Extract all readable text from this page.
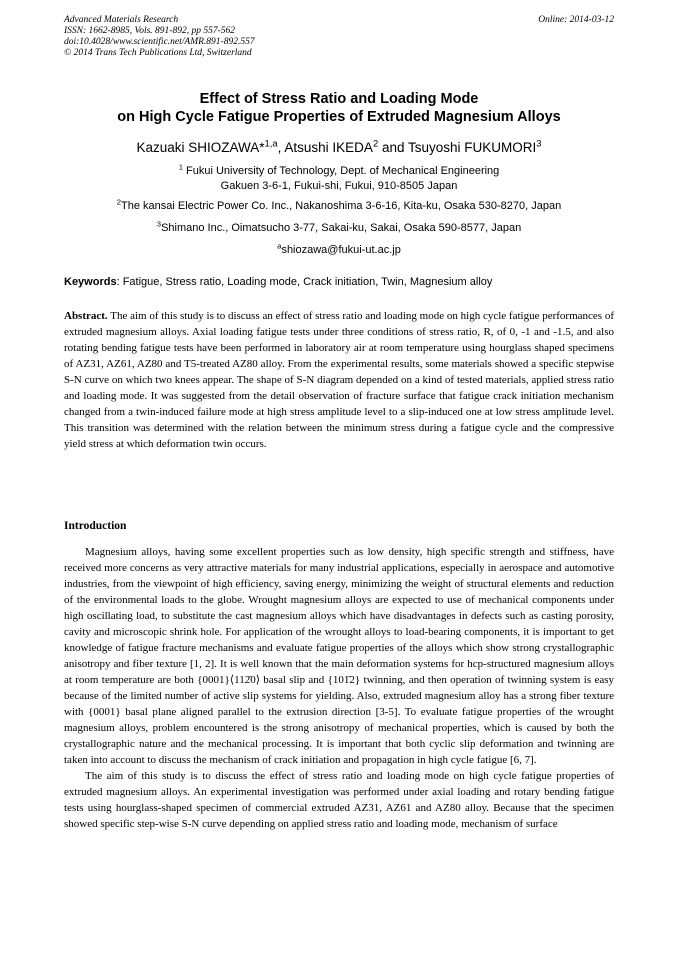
Advanced Materials Research
ISSN: 1662-8985, Vols. 891-892, pp 557-562
doi:10.4028/www.scientific.net/AMR.891-892.557
© 2014 Trans Tech Publications Ltd, Switzerland
Online: 2014-03-12
Effect of Stress Ratio and Loading Mode
on High Cycle Fatigue Properties of Extruded Magnesium Alloys
Kazuaki SHIOZAWA*$^{1,a}$, Atsushi IKEDA$^2$ and Tsuyoshi FUKUMORI$^3$
$^1$ Fukui University of Technology, Dept. of Mechanical Engineering
Gakuen 3-6-1, Fukui-shi, Fukui, 910-8505 Japan
$^2$The kansai Electric Power Co. Inc., Nakanoshima 3-6-16, Kita-ku, Osaka 530-8270, Japan
$^3$Shimano Inc., Oimatsucho 3-77, Sakai-ku, Sakai, Osaka 590-8577, Japan
$^a$shiozawa@fukui-ut.ac.jp
Keywords: Fatigue, Stress ratio, Loading mode, Crack initiation, Twin, Magnesium alloy

Abstract. The aim of this study is to discuss an effect of stress ratio and loading mode on high cycle fatigue performances of extruded magnesium alloys. Axial loading fatigue tests under three conditions of stress ratio, R, of 0, -1 and -1.5, and also rotating bending fatigue tests have been performed in laboratory air at room temperature using hourglass shaped specimens of AZ31, AZ61, AZ80 and T5-treated AZ80 alloy. From the experimental results, some materials showed a specific stepwise S-N curve on which two knees appear. The shape of S-N diagram depended on a kind of tested materials, applied stress ratio and loading mode. It was suggested from the detail observation of fracture surface that fatigue crack initiation mechanism changed from a twin-induced failure mode at high stress amplitude level to a slip-induced one at low stress amplitude level. This transition was determined with the relation between the minimum stress during a fatigue cycle and the compressive yield stress at which deformation twin occurs.

Introduction

Magnesium alloys, having some excellent properties such as low density, high specific strength and stiffness, have received more concerns as very attractive materials for many industrial applications, especially in aerospace and automotive industries, from the viewpoint of high efficiency, saving energy, minimizing the weight of structural elements and reduction of the environmental loads to the globe. Wrought magnesium alloys are expected to use of mechanical components under high oscillating load, to substitute the cast magnesium alloys which have disadvantages in defects such as casting porosity, cavity and microscopic shrink hole. For application of the wrought alloys to load-bearing components, it is important to get knowledge of fatigue fracture mechanisms and evaluate fatigue properties of the alloys which show strong crystallographic anisotropy and fiber texture [1, 2]. It is well known that the main deformation systems for hcp-structured magnesium alloys at room temperature are both {0001}⟨112̄0⟩ basal slip and {101̄2} twinning, and then operation of twinning system is easy because of the limited number of active slip systems for yielding. Also, extruded magnesium alloy has a strong fiber texture with {0001} basal plane aligned parallel to the extrusion direction [3-5]. To evaluate fatigue properties of the wrought magnesium alloys, problem encountered is the strong anisotropy of mechanical properties, which is caused by both the crystallographic nature and the mechanical processing. It is important that both cyclic slip deformation and twinning are taken into account to discuss the mechanism of crack initiation and propagation in high cycle fatigue [6, 7].

The aim of this study is to discuss the effect of stress ratio and loading mode on high cycle fatigue properties of extruded magnesium alloys. An experimental investigation was performed under axial loading and rotary bending fatigue tests using hourglass-shaped specimen of commercial extruded AZ31, AZ61 and AZ80 alloy. Because that the specimen showed specific step-wise S-N curve depending on applied stress ratio and loading mode, mechanism of surface
